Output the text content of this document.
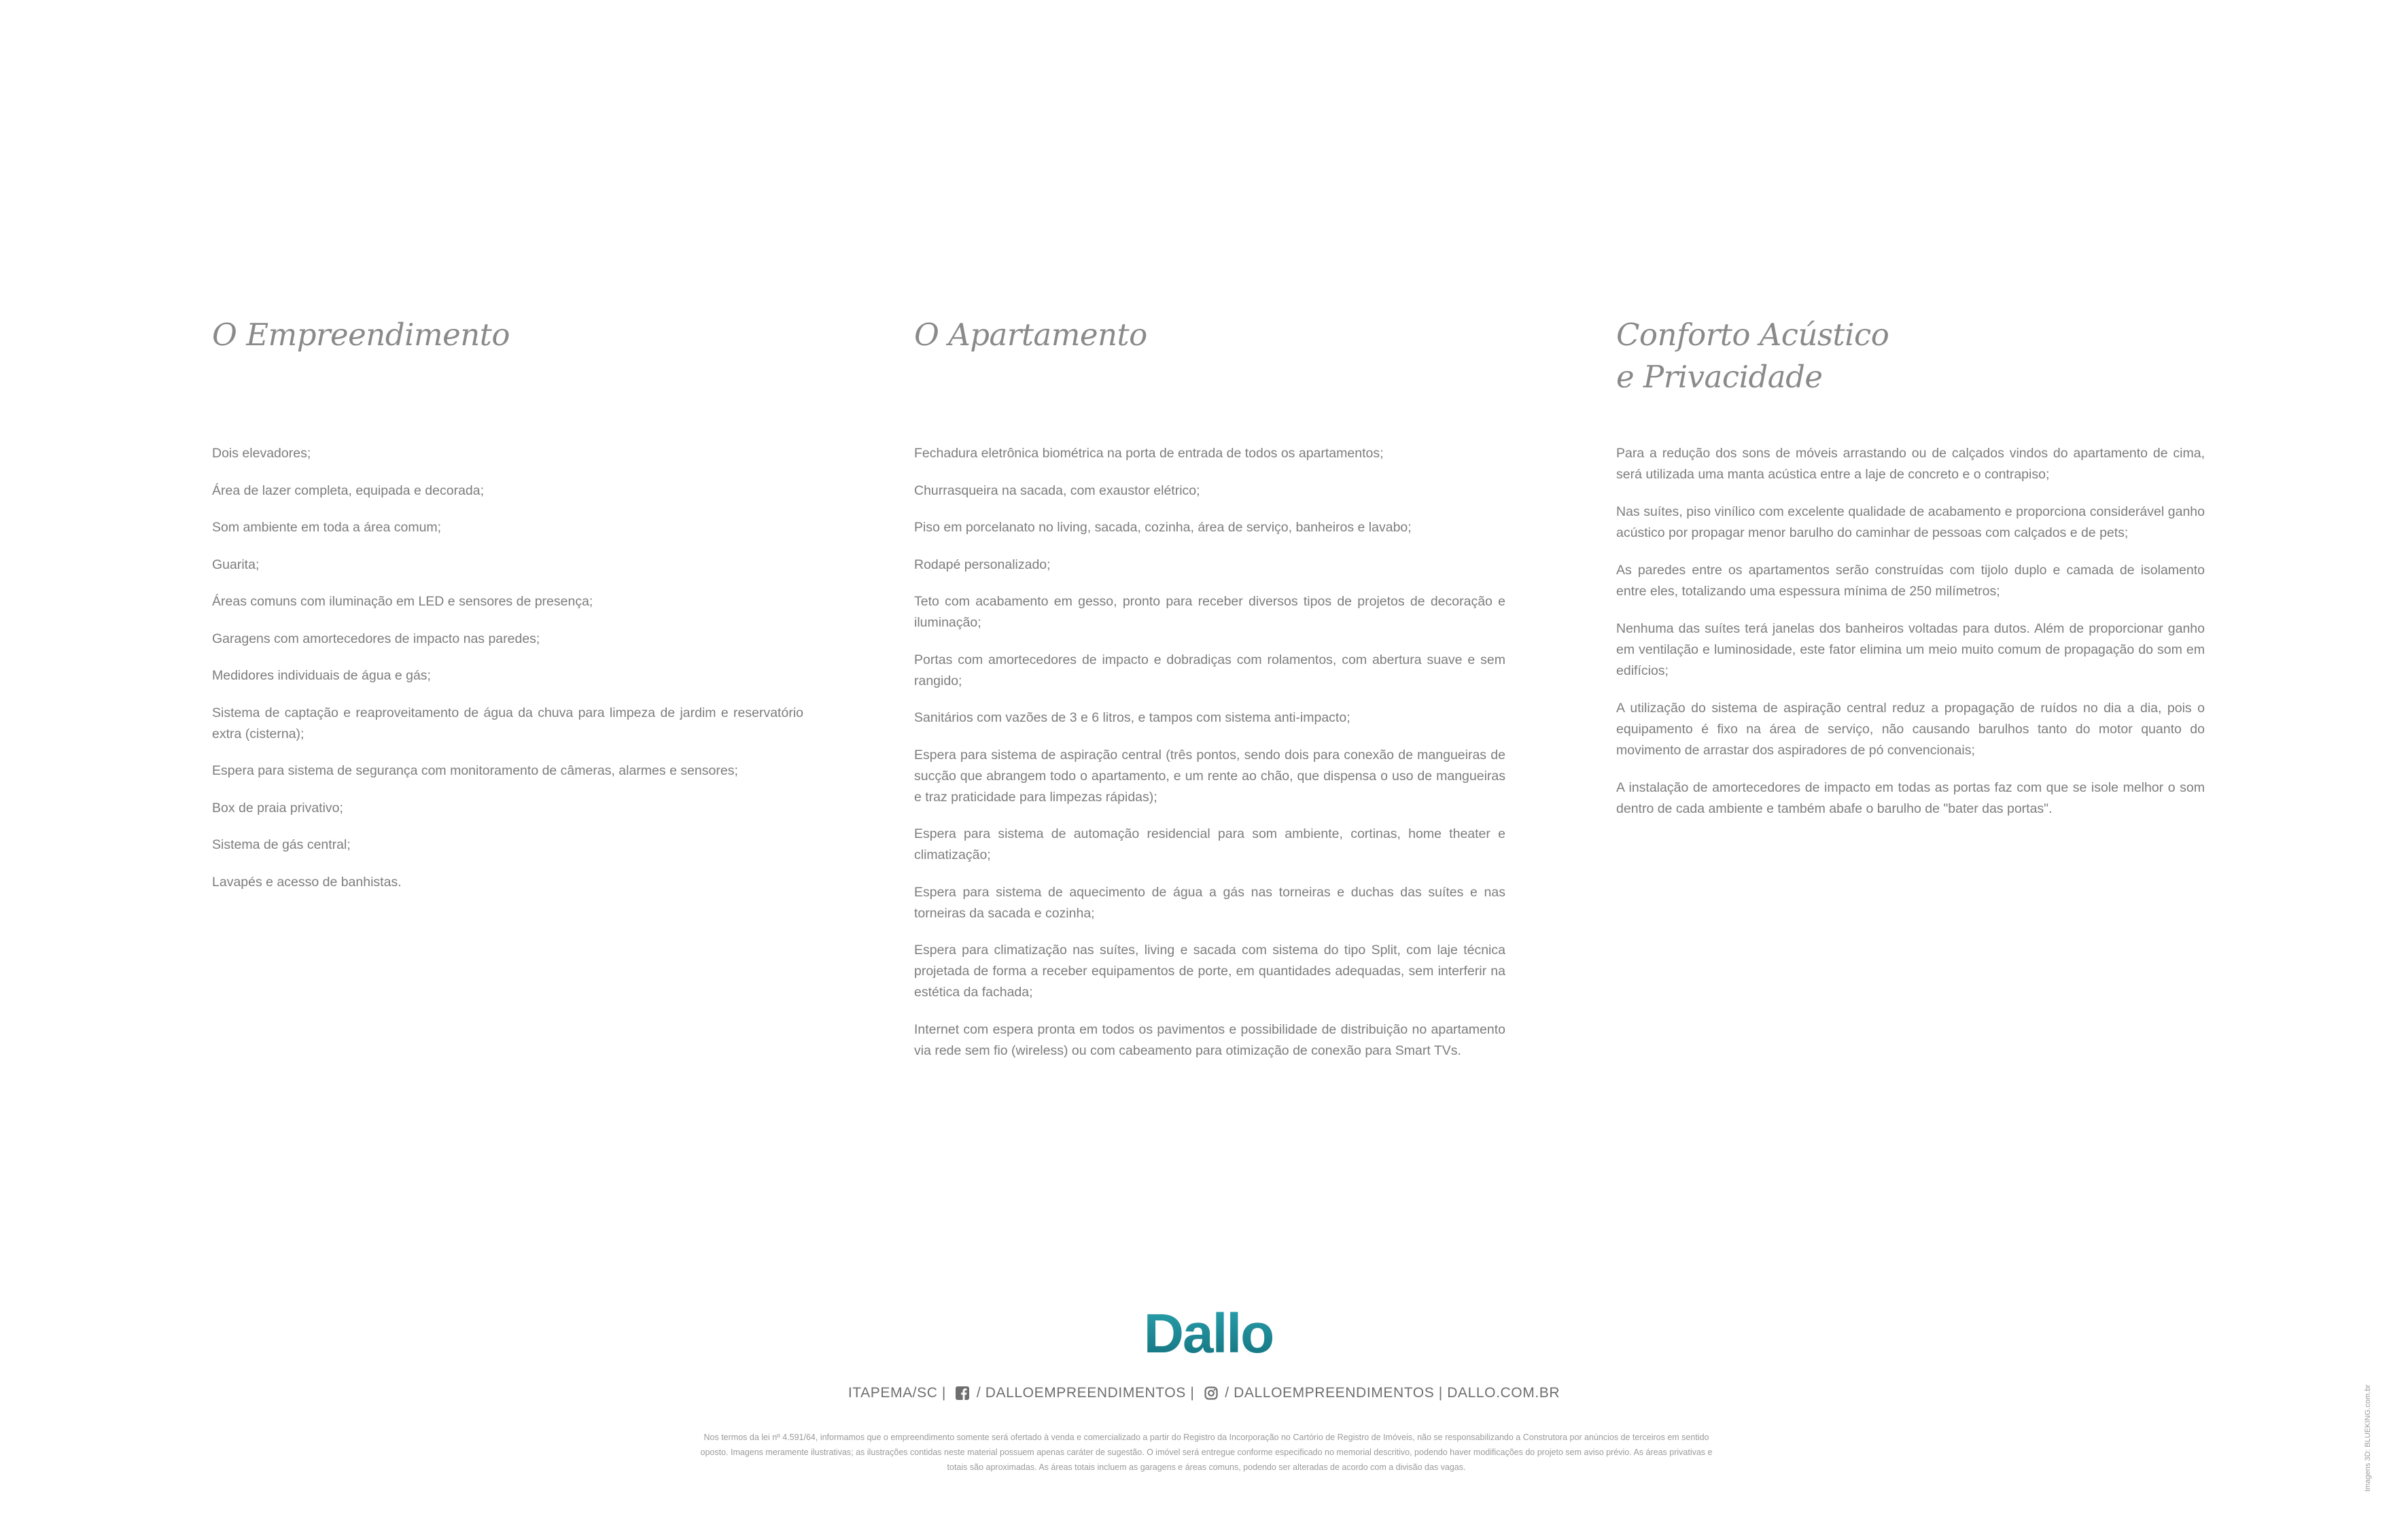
O Empreendimento
Dois elevadores;
Área de lazer completa, equipada e decorada;
Som ambiente em toda a área comum;
Guarita;
Áreas comuns com iluminação em LED e sensores de presença;
Garagens com amortecedores de impacto nas paredes;
Medidores individuais de água e gás;
Sistema de captação e reaproveitamento de água da chuva para limpeza de jardim e reservatório extra (cisterna);
Espera para sistema de segurança com monitoramento de câmeras, alarmes e sensores;
Box de praia privativo;
Sistema de gás central;
Lavapés e acesso de banhistas.
O Apartamento
Fechadura eletrônica biométrica na porta de entrada de todos os apartamentos;
Churrasqueira na sacada, com exaustor elétrico;
Piso em porcelanato no living, sacada, cozinha, área de serviço, banheiros e lavabo;
Rodapé personalizado;
Teto com acabamento em gesso, pronto para receber diversos tipos de projetos de decoração e iluminação;
Portas com amortecedores de impacto e dobradiças com rolamentos, com abertura suave e sem rangido;
Sanitários com vazões de 3 e 6 litros, e tampos com sistema anti-impacto;
Espera para sistema de aspiração central (três pontos, sendo dois para conexão de mangueiras de sucção que abrangem todo o apartamento, e um rente ao chão, que dispensa o uso de mangueiras e traz praticidade para limpezas rápidas);
Espera para sistema de automação residencial para som ambiente, cortinas, home theater e climatização;
Espera para sistema de aquecimento de água a gás nas torneiras e duchas das suítes e nas torneiras da sacada e cozinha;
Espera para climatização nas suítes, living e sacada com sistema do tipo Split, com laje técnica projetada de forma a receber equipamentos de porte, em quantidades adequadas, sem interferir na estética da fachada;
Internet com espera pronta em todos os pavimentos e possibilidade de distribuição no apartamento via rede sem fio (wireless) ou com cabeamento para otimização de conexão para Smart TVs.
Conforto Acústico
e Privacidade
Para a redução dos sons de móveis arrastando ou de calçados vindos do apartamento de cima, será utilizada uma manta acústica entre a laje de concreto e o contrapiso;
Nas suítes, piso vinílico com excelente qualidade de acabamento e proporciona considerável ganho acústico por propagar menor barulho do caminhar de pessoas com calçados e de pets;
As paredes entre os apartamentos serão construídas com tijolo duplo e camada de isolamento entre eles, totalizando uma espessura mínima de 250 milímetros;
Nenhuma das suítes terá janelas dos banheiros voltadas para dutos. Além de proporcionar ganho em ventilação e luminosidade, este fator elimina um meio muito comum de propagação do som em edifícios;
A utilização do sistema de aspiração central reduz a propagação de ruídos no dia a dia, pois o equipamento é fixo na área de serviço, não causando barulhos tanto do motor quanto do movimento de arrastar dos aspiradores de pó convencionais;
A instalação de amortecedores de impacto em todas as portas faz com que se isole melhor o som dentro de cada ambiente e também abafe o barulho de "bater das portas".
Dallo
ITAPEMA/SC | / DALLOEMPREENDIMENTOS | / DALLOEMPREENDIMENTOS | DALLO.COM.BR
Nos termos da lei nº 4.591/64, informamos que o empreendimento somente será ofertado à venda e comercializado a partir do Registro da Incorporação no Cartório de Registro de Imóveis, não se responsabilizando a Construtora por anúncios de terceiros em sentido oposto. Imagens meramente ilustrativas; as ilustrações contidas neste material possuem apenas caráter de sugestão. O imóvel será entregue conforme especificado no memorial descritivo, podendo haver modificações do projeto sem aviso prévio. As áreas privativas e totais são aproximadas. As áreas totais incluem as garagens e áreas comuns, podendo ser alteradas de acordo com a divisão das vagas.	Imagens 3D: BLUEKING.com.br
